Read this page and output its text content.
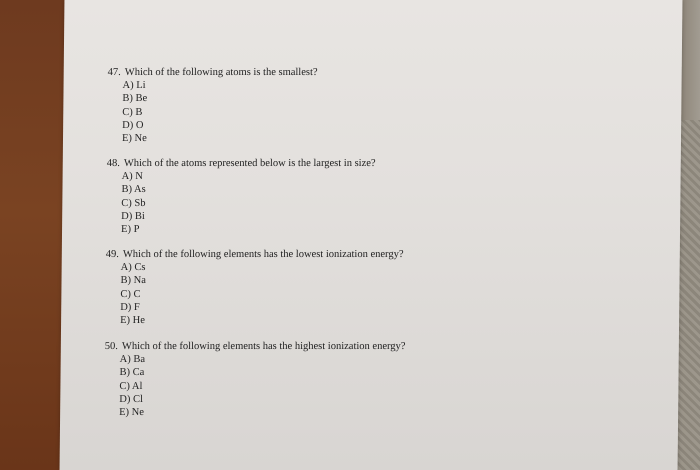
47. Which of the following atoms is the smallest?
A) Li
B) Be
C) B
D) O
E) Ne
48. Which of the atoms represented below is the largest in size?
A) N
B) As
C) Sb
D) Bi
E) P
49. Which of the following elements has the lowest ionization energy?
A) Cs
B) Na
C) C
D) F
E) He
50. Which of the following elements has the highest ionization energy?
A) Ba
B) Ca
C) Al
D) Cl
E) Ne
